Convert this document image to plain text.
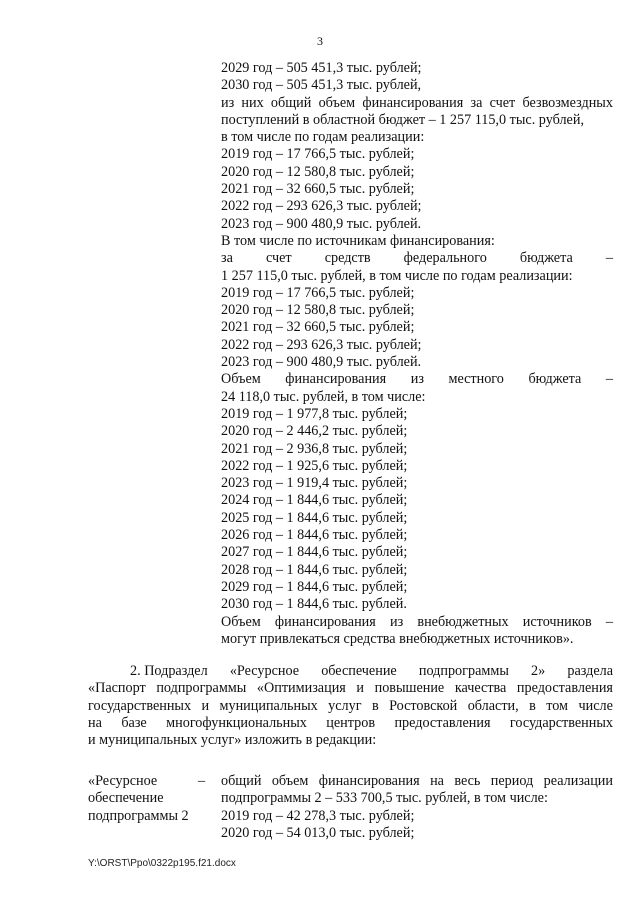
3
2029 год – 505 451,3 тыс. рублей;
2030 год – 505 451,3 тыс. рублей,
из них общий объем финансирования за счет безвозмездных
поступлений в областной бюджет – 1 257 115,0 тыс. рублей,
в том числе по годам реализации:
2019 год – 17 766,5 тыс. рублей;
2020 год – 12 580,8 тыс. рублей;
2021 год – 32 660,5 тыс. рублей;
2022 год – 293 626,3 тыс. рублей;
2023 год – 900 480,9 тыс. рублей.
В том числе по источникам финансирования:
за счет средств федерального бюджета –
1 257 115,0 тыс. рублей, в том числе по годам реализации:
2019 год – 17 766,5 тыс. рублей;
2020 год – 12 580,8 тыс. рублей;
2021 год – 32 660,5 тыс. рублей;
2022 год – 293 626,3 тыс. рублей;
2023 год – 900 480,9 тыс. рублей.
Объем финансирования из местного бюджета –
24 118,0 тыс. рублей, в том числе:
2019 год – 1 977,8 тыс. рублей;
2020 год – 2 446,2 тыс. рублей;
2021 год – 2 936,8 тыс. рублей;
2022 год – 1 925,6 тыс. рублей;
2023 год – 1 919,4 тыс. рублей;
2024 год – 1 844,6 тыс. рублей;
2025 год – 1 844,6 тыс. рублей;
2026 год – 1 844,6 тыс. рублей;
2027 год – 1 844,6 тыс. рублей;
2028 год – 1 844,6 тыс. рублей;
2029 год – 1 844,6 тыс. рублей;
2030 год – 1 844,6 тыс. рублей.
Объем финансирования из внебюджетных источников –
могут привлекаться средства внебюджетных источников».
2. Подраздел «Ресурсное обеспечение подпрограммы 2» раздела
«Паспорт подпрограммы «Оптимизация и повышение качества предоставления
государственных и муниципальных услуг в Ростовской области, в том числе
на базе многофункциональных центров предоставления государственных
и муниципальных услуг» изложить в редакции:
«Ресурсное
обеспечение
подпрограммы 2
–	общий объем финансирования на весь период реализации
подпрограммы 2 – 533 700,5 тыс. рублей, в том числе:
2019 год – 42 278,3 тыс. рублей;
2020 год – 54 013,0 тыс. рублей;
Y:\ORST\Ppo\0322p195.f21.docx
